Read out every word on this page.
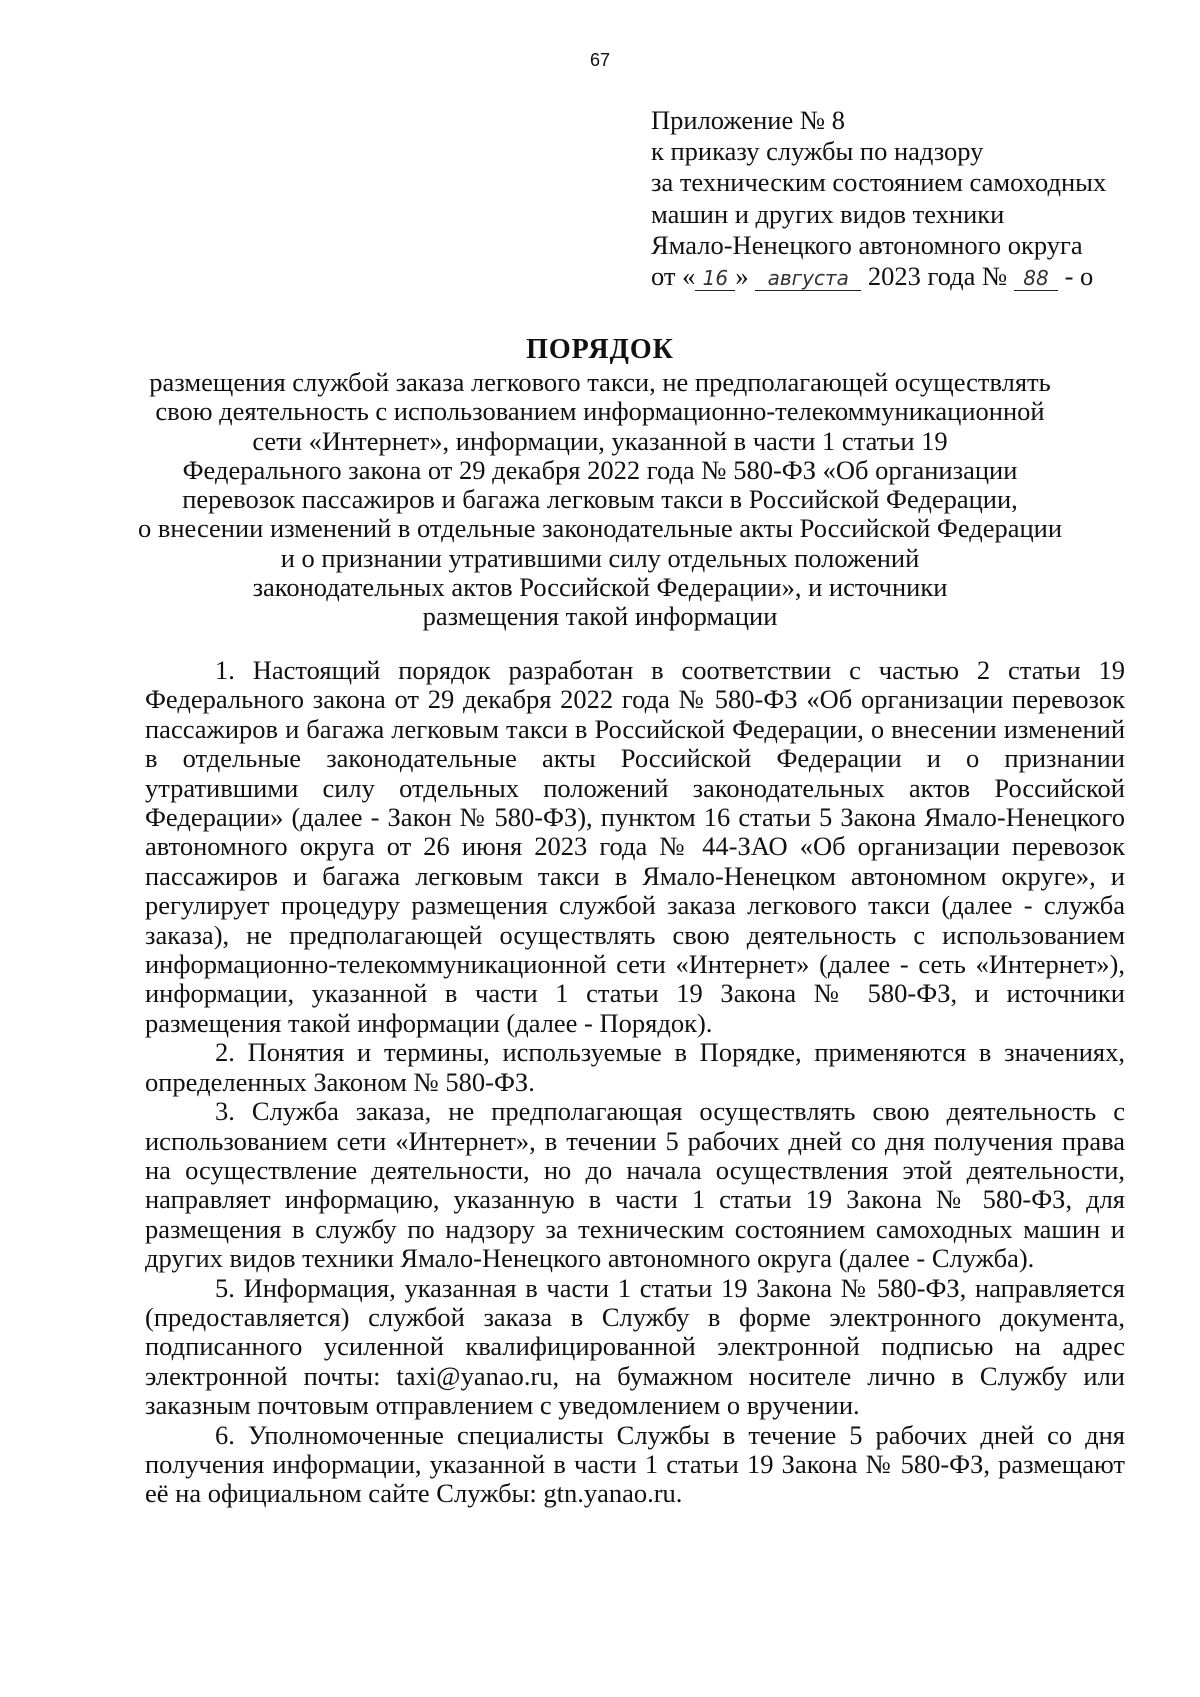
67
Приложение № 8
к приказу службы по надзору
за техническим состоянием самоходных
машин и других видов техники
Ямало-Ненецкого автономного округа
от « 16 » августа 2023 года № 88 - о
ПОРЯДОК
размещения службой заказа легкового такси, не предполагающей осуществлять
свою деятельность с использованием информационно-телекоммуникационной
сети «Интернет», информации, указанной в части 1 статьи 19
Федерального закона от 29 декабря 2022 года № 580-ФЗ «Об организации
перевозок пассажиров и багажа легковым такси в Российской Федерации,
о внесении изменений в отдельные законодательные акты Российской Федерации
и о признании утратившими силу отдельных положений
законодательных актов Российской Федерации», и источники
размещения такой информации

1. Настоящий порядок разработан в соответствии с частью 2 статьи 19 Федерального закона от 29 декабря 2022 года № 580-ФЗ «Об организации перевозок пассажиров и багажа легковым такси в Российской Федерации, о внесении изменений в отдельные законодательные акты Российской Федерации и о признании утратившими силу отдельных положений законодательных актов Российской Федерации» (далее - Закон № 580-ФЗ), пунктом 16 статьи 5 Закона Ямало-Ненецкого автономного округа от 26 июня 2023 года № 44-ЗАО «Об организации перевозок пассажиров и багажа легковым такси в Ямало-Ненецком автономном округе», и регулирует процедуру размещения службой заказа легкового такси (далее - служба заказа), не предполагающей осуществлять свою деятельность с использованием информационно-телекоммуникационной сети «Интернет» (далее - сеть «Интернет»), информации, указанной в части 1 статьи 19 Закона № 580-ФЗ, и источники размещения такой информации (далее - Порядок).

2. Понятия и термины, используемые в Порядке, применяются в значениях, определенных Законом № 580-ФЗ.

3. Служба заказа, не предполагающая осуществлять свою деятельность с использованием сети «Интернет», в течении 5 рабочих дней со дня получения права на осуществление деятельности, но до начала осуществления этой деятельности, направляет информацию, указанную в части 1 статьи 19 Закона № 580-ФЗ, для размещения в службу по надзору за техническим состоянием самоходных машин и других видов техники Ямало-Ненецкого автономного округа (далее - Служба).

5. Информация, указанная в части 1 статьи 19 Закона № 580-ФЗ, направляется (предоставляется) службой заказа в Службу в форме электронного документа, подписанного усиленной квалифицированной электронной подписью на адрес электронной почты: taxi@yanao.ru, на бумажном носителе лично в Службу или заказным почтовым отправлением с уведомлением о вручении.

6. Уполномоченные специалисты Службы в течение 5 рабочих дней со дня получения информации, указанной в части 1 статьи 19 Закона № 580-ФЗ, размещают её на официальном сайте Службы: gtn.yanao.ru.
